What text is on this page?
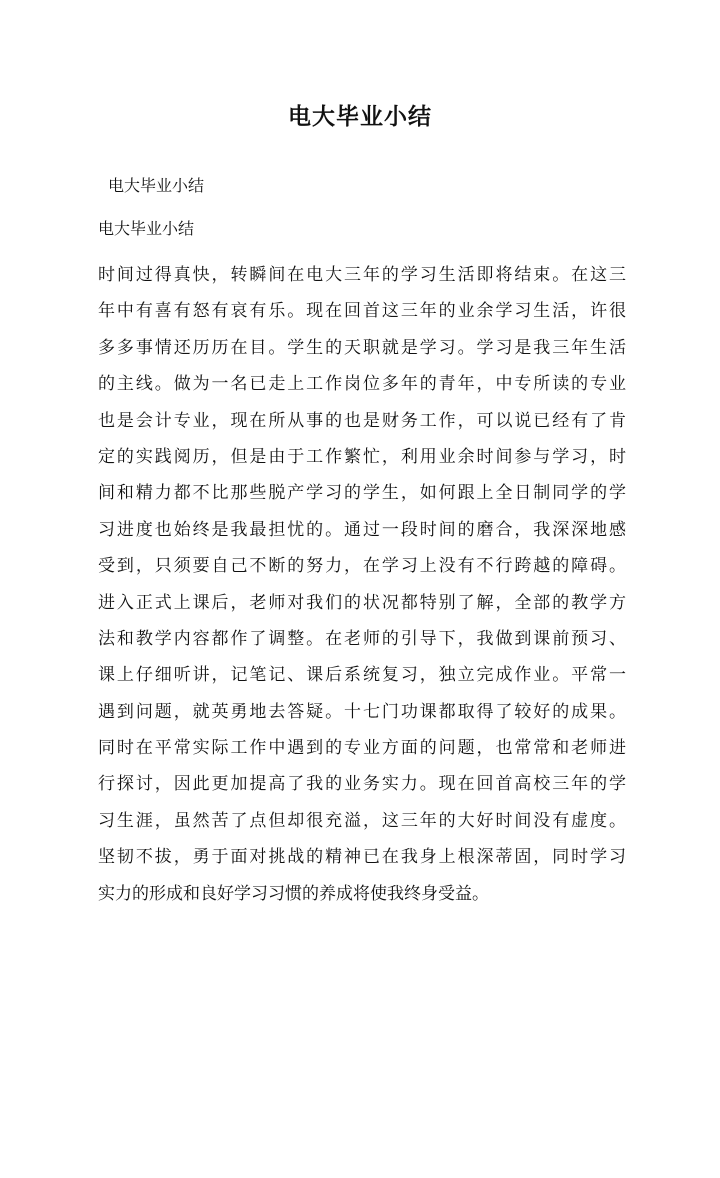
电大毕业小结
电大毕业小结
电大毕业小结
时间过得真快，转瞬间在电大三年的学习生活即将结束。在这三
年中有喜有怒有哀有乐。现在回首这三年的业余学习生活，许很
多多事情还历历在目。学生的天职就是学习。学习是我三年生活
的主线。做为一名已走上工作岗位多年的青年，中专所读的专业
也是会计专业，现在所从事的也是财务工作，可以说已经有了肯
定的实践阅历，但是由于工作繁忙，利用业余时间参与学习，时
间和精力都不比那些脱产学习的学生，如何跟上全日制同学的学
习进度也始终是我最担忧的。通过一段时间的磨合，我深深地感
受到，只须要自己不断的努力，在学习上没有不行跨越的障碍。
进入正式上课后，老师对我们的状况都特别了解，全部的教学方
法和教学内容都作了调整。在老师的引导下，我做到课前预习、
课上仔细听讲，记笔记、课后系统复习，独立完成作业。平常一
遇到问题，就英勇地去答疑。十七门功课都取得了较好的成果。
同时在平常实际工作中遇到的专业方面的问题，也常常和老师进
行探讨，因此更加提高了我的业务实力。现在回首高校三年的学
习生涯，虽然苦了点但却很充溢，这三年的大好时间没有虚度。
坚韧不拔，勇于面对挑战的精神已在我身上根深蒂固，同时学习
实力的形成和良好学习习惯的养成将使我终身受益。
